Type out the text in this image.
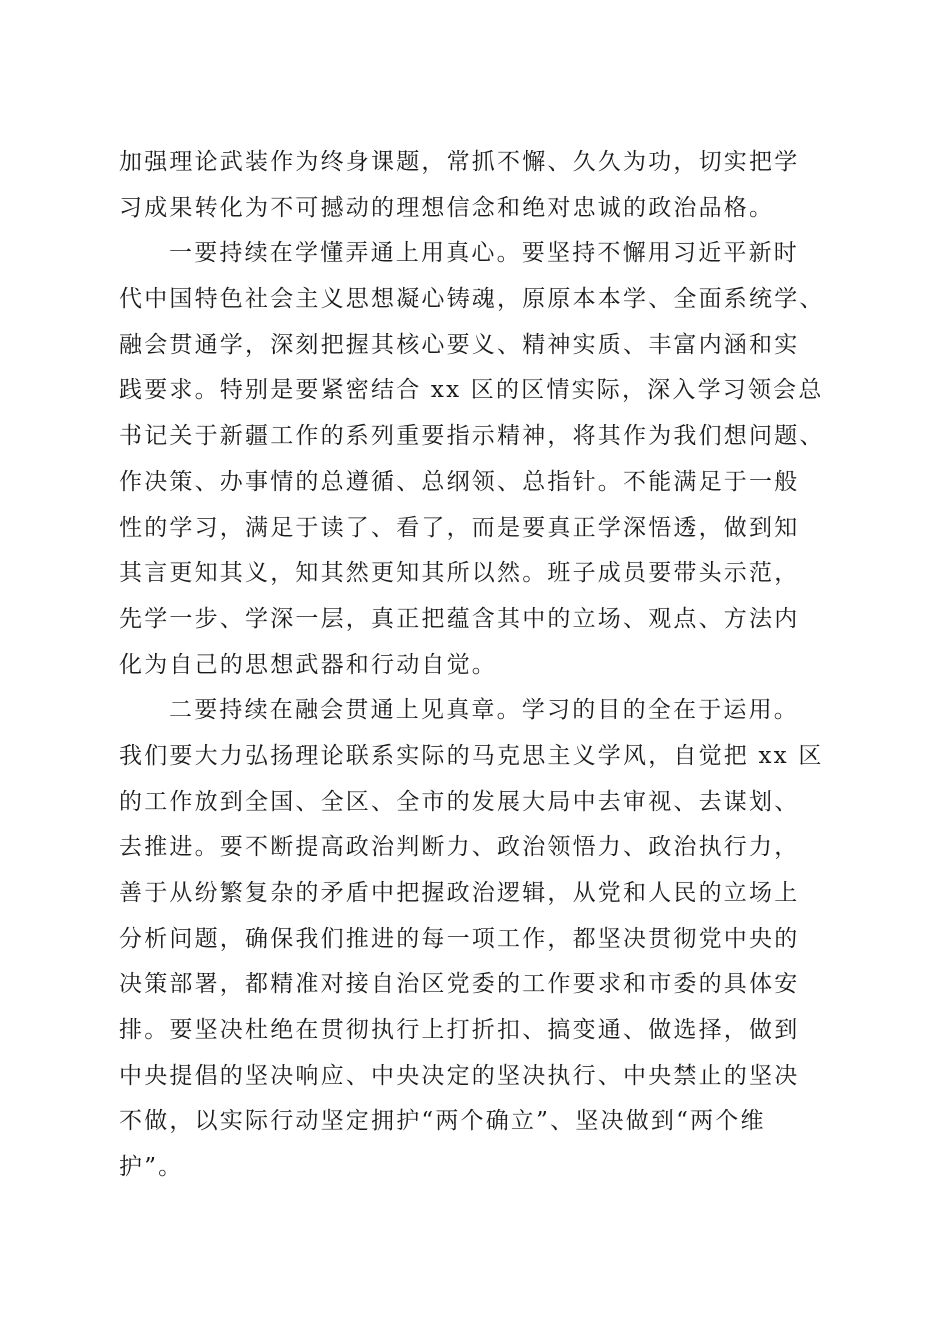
加强理论武装作为终身课题，常抓不懈、久久为功，切实把学
习成果转化为不可撼动的理想信念和绝对忠诚的政治品格。
一要持续在学懂弄通上用真心。要坚持不懈用习近平新时
代中国特色社会主义思想凝心铸魂，原原本本学、全面系统学、
融会贯通学，深刻把握其核心要义、精神实质、丰富内涵和实
践要求。特别是要紧密结合 xx 区的区情实际，深入学习领会总
书记关于新疆工作的系列重要指示精神，将其作为我们想问题、
作决策、办事情的总遵循、总纲领、总指针。不能满足于一般
性的学习，满足于读了、看了，而是要真正学深悟透，做到知
其言更知其义，知其然更知其所以然。班子成员要带头示范，
先学一步、学深一层，真正把蕴含其中的立场、观点、方法内
化为自己的思想武器和行动自觉。
二要持续在融会贯通上见真章。学习的目的全在于运用。
我们要大力弘扬理论联系实际的马克思主义学风，自觉把 xx 区
的工作放到全国、全区、全市的发展大局中去审视、去谋划、
去推进。要不断提高政治判断力、政治领悟力、政治执行力，
善于从纷繁复杂的矛盾中把握政治逻辑，从党和人民的立场上
分析问题，确保我们推进的每一项工作，都坚决贯彻党中央的
决策部署，都精准对接自治区党委的工作要求和市委的具体安
排。要坚决杜绝在贯彻执行上打折扣、搞变通、做选择，做到
中央提倡的坚决响应、中央决定的坚决执行、中央禁止的坚决
不做，以实际行动坚定拥护“两个确立”、坚决做到“两个维
护”。
